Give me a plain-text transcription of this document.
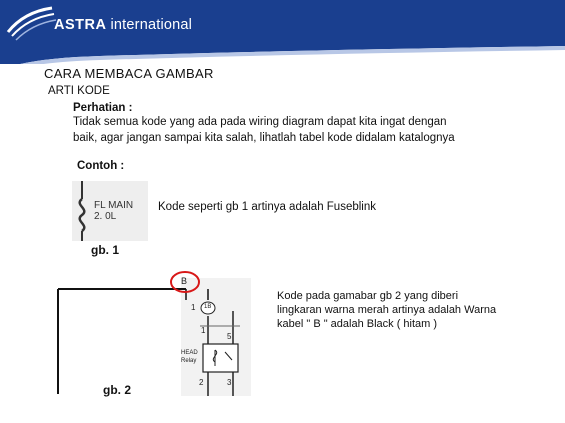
ASTRA international
CARA MEMBACA GAMBAR
ARTI KODE
Perhatian :
Tidak semua kode yang ada pada wiring diagram dapat kita ingat dengan
baik, agar jangan sampai kita salah, lihatlah tabel kode didalam katalognya
Contoh :
FL MAIN
2. 0L
Kode seperti gb 1 artinya adalah Fuseblink
gb. 1
B
1 1B
1
5
HEAD
Relay
2	3
Kode pada gamabar gb 2 yang diberi
lingkaran warna merah artinya adalah Warna
kabel " B " adalah Black ( hitam )
gb. 2
